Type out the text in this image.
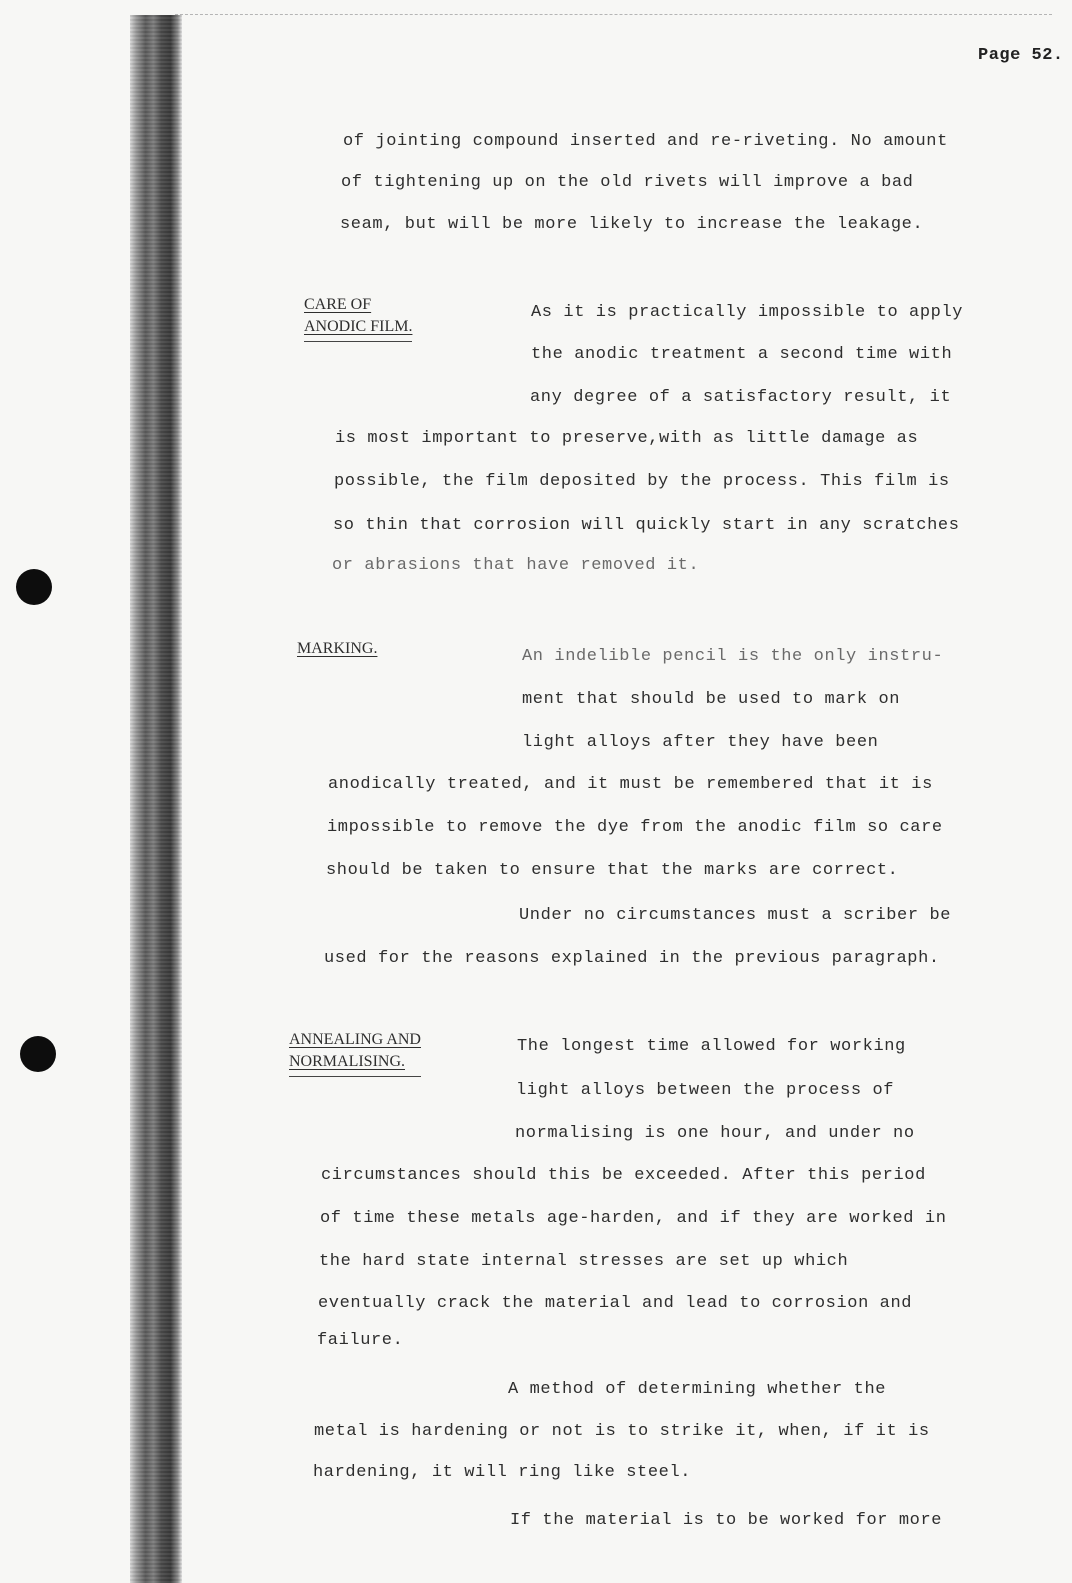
Page 52.
of jointing compound inserted and re-riveting. No amount
of tightening up on the old rivets will improve a bad
seam, but will be more likely to increase the leakage.
CARE OF
ANODIC FILM.
As it is practically impossible to apply
the anodic treatment a second time with
any degree of a satisfactory result, it
is most important to preserve,with as little damage as
possible, the film deposited by the process. This film is
so thin that corrosion will quickly start in any scratches
or abrasions that have removed it.
MARKING.	An indelible pencil is the only instru-
ment that should be used to mark on
light alloys after they have been
anodically treated, and it must be remembered that it is
impossible to remove the dye from the anodic film so care
should be taken to ensure that the marks are correct.
Under no circumstances must a scriber be
used for the reasons explained in the previous paragraph.
ANNEALING AND
NORMALISING.
The longest time allowed for working
light alloys between the process of
normalising is one hour, and under no
circumstances should this be exceeded. After this period
of time these metals age-harden, and if they are worked in
the hard state internal stresses are set up which
eventually crack the material and lead to corrosion and
failure.
A method of determining whether the
metal is hardening or not is to strike it, when, if it is
hardening, it will ring like steel.
If the material is to be worked for more
